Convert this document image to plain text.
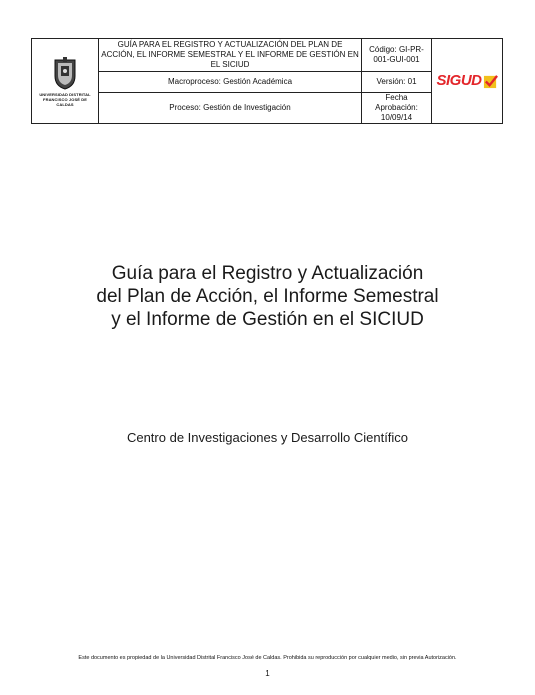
UNIVERSIDAD DISTRITAL
FRANCISCO JOSÉ DE CALDAS	GUÍA PARA EL REGISTRO Y ACTUALIZACIÓN DEL PLAN DE ACCIÓN, EL INFORME SEMESTRAL Y EL INFORME DE GESTIÓN EN EL SICIUD	Código: GI-PR-001-GUI-001	SIGUD

	Macroproceso: Gestión Académica	Versión: 01	
	Proceso: Gestión de Investigación	Fecha Aprobación: 10/09/14	
Guía para el Registro y Actualización
del Plan de Acción, el Informe Semestral
y el Informe de Gestión en el SICIUD
Centro de Investigaciones y Desarrollo Científico
Este documento es propiedad de la Universidad Distrital Francisco José de Caldas. Prohibida su reproducción por cualquier medio, sin previa Autorización.
1
